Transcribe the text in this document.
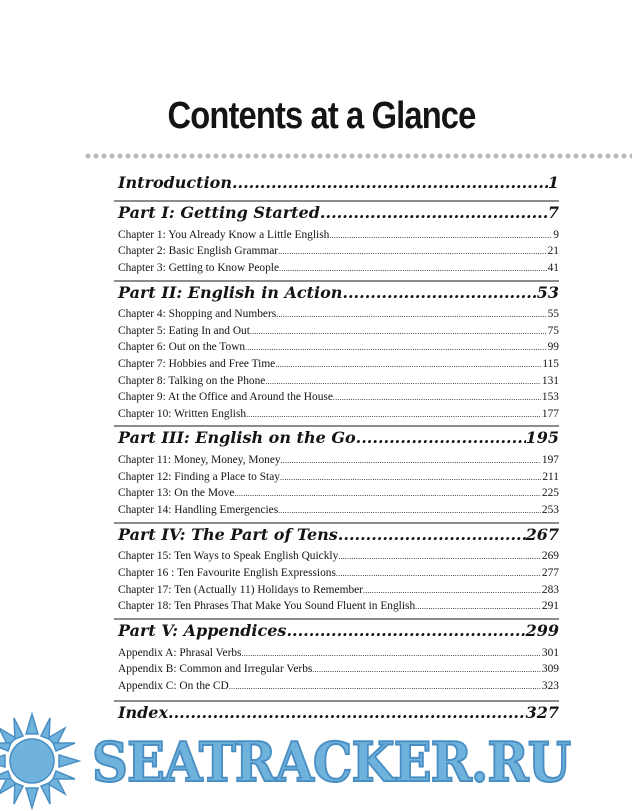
Contents at a Glance
Introduction .....	1
Part I: Getting Started .....	7
Chapter 1: You Already Know a Little English .....	9
Chapter 2: Basic English Grammar .....	21
Chapter 3: Getting to Know People .....	41
Part II: English in Action .....	53
Chapter 4: Shopping and Numbers .....	55
Chapter 5: Eating In and Out .....	75
Chapter 6: Out on the Town .....	99
Chapter 7: Hobbies and Free Time .....	115
Chapter 8: Talking on the Phone .....	131
Chapter 9: At the Office and Around the House .....	153
Chapter 10: Written English .....	177
Part III: English on the Go .....	195
Chapter 11: Money, Money, Money .....	197
Chapter 12: Finding a Place to Stay .....	211
Chapter 13: On the Move .....	225
Chapter 14: Handling Emergencies .....	253
Part IV: The Part of Tens .....	267
Chapter 15: Ten Ways to Speak English Quickly .....	269
Chapter 16 : Ten Favourite English Expressions .....	277
Chapter 17: Ten (Actually 11) Holidays to Remember .....	283
Chapter 18: Ten Phrases That Make You Sound Fluent in English .....	291
Part V: Appendices .....	299
Appendix A: Phrasal Verbs .....	301
Appendix B: Common and Irregular Verbs .....	309
Appendix C: On the CD .....	323
Index .....	327
SEATRACKER.RU
